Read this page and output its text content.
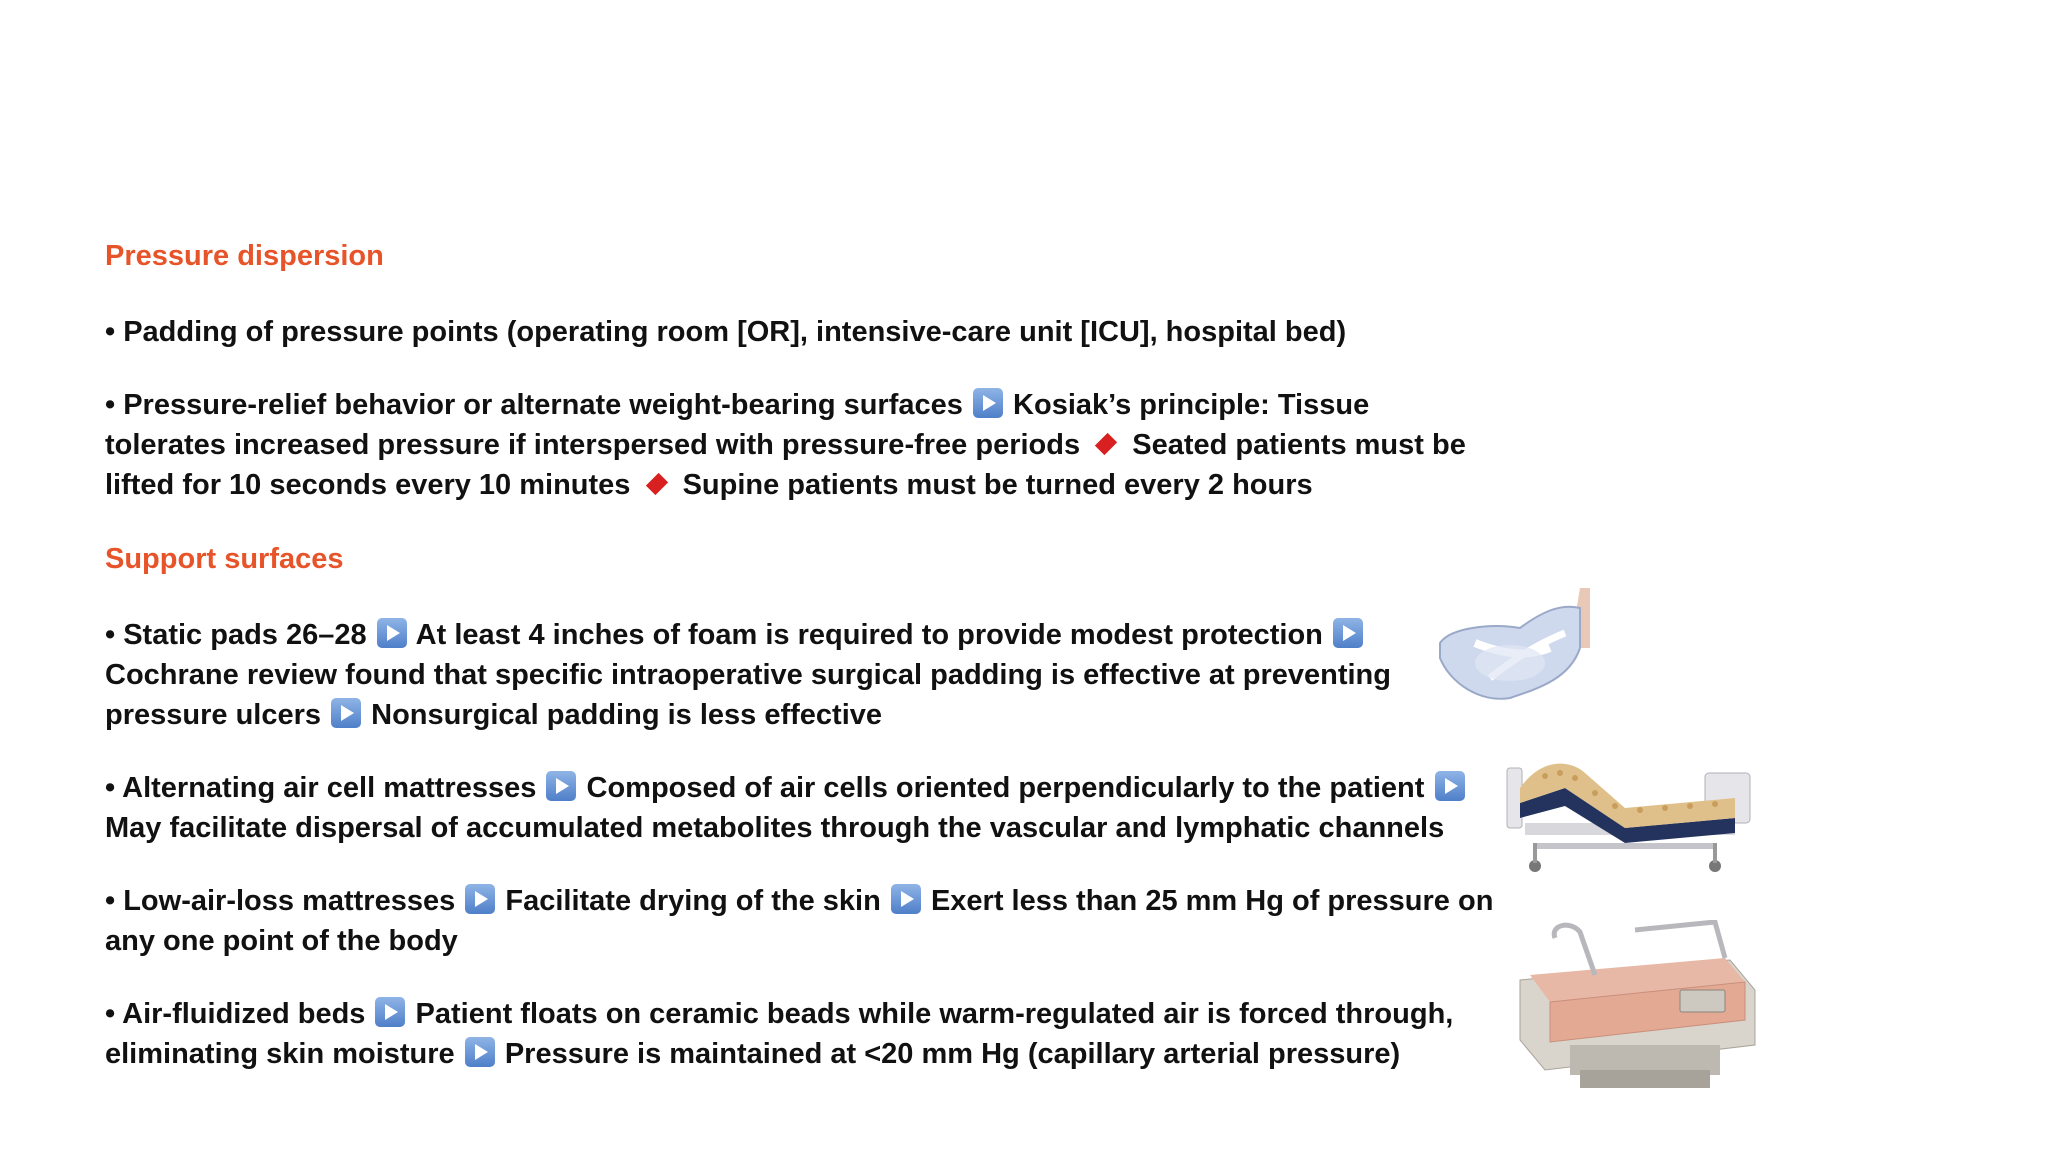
Pressure dispersion
• Padding of pressure points (operating room [OR], intensive-care unit [ICU], hospital bed)
• Pressure-relief behavior or alternate weight-bearing surfaces Kosiak’s principle: Tissue tolerates increased pressure if interspersed with pressure-free periods Seated patients must be lifted for 10 seconds every 10 minutes Supine patients must be turned every 2 hours
Support surfaces
• Static pads 26–28 At least 4 inches of foam is required to provide modest protection  Cochrane review found that specific intraoperative surgical padding is effective at preventing pressure ulcers Nonsurgical padding is less effective
• Alternating air cell mattresses Composed of air cells oriented perpendicularly to the patient  May facilitate dispersal of accumulated metabolites through the vascular and lymphatic channels
• Low-air-loss mattresses Facilitate drying of the skin Exert less than 25 mm Hg of pressure on any one point of the body
• Air-fluidized beds Patient floats on ceramic beads while warm-regulated air is forced through, eliminating skin moisture Pressure is maintained at <20 mm Hg (capillary arterial pressure)
